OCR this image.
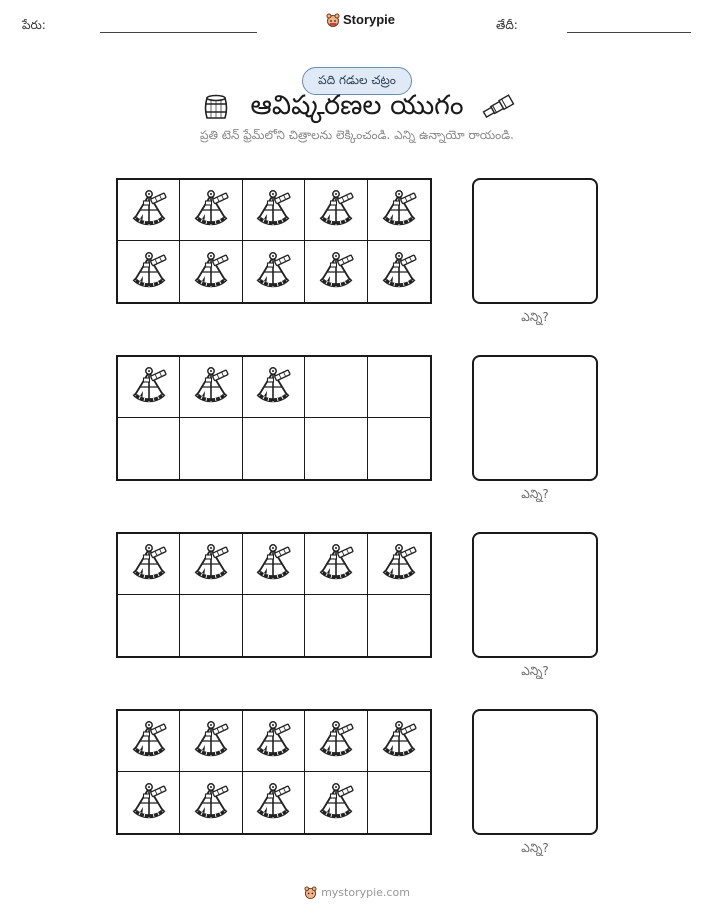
పేరు:	Storypie	తేదీ:
పది గడుల చట్రం
ఆవిష్కరణల యుగం
ప్రతి టెన్ ఫ్రేమ్‌లోని చిత్రాలను లెక్కించండి. ఎన్ని ఉన్నాయో రాయండి.
ఎన్ని?
ఎన్ని?
ఎన్ని?
ఎన్ని?
mystorypie.com
